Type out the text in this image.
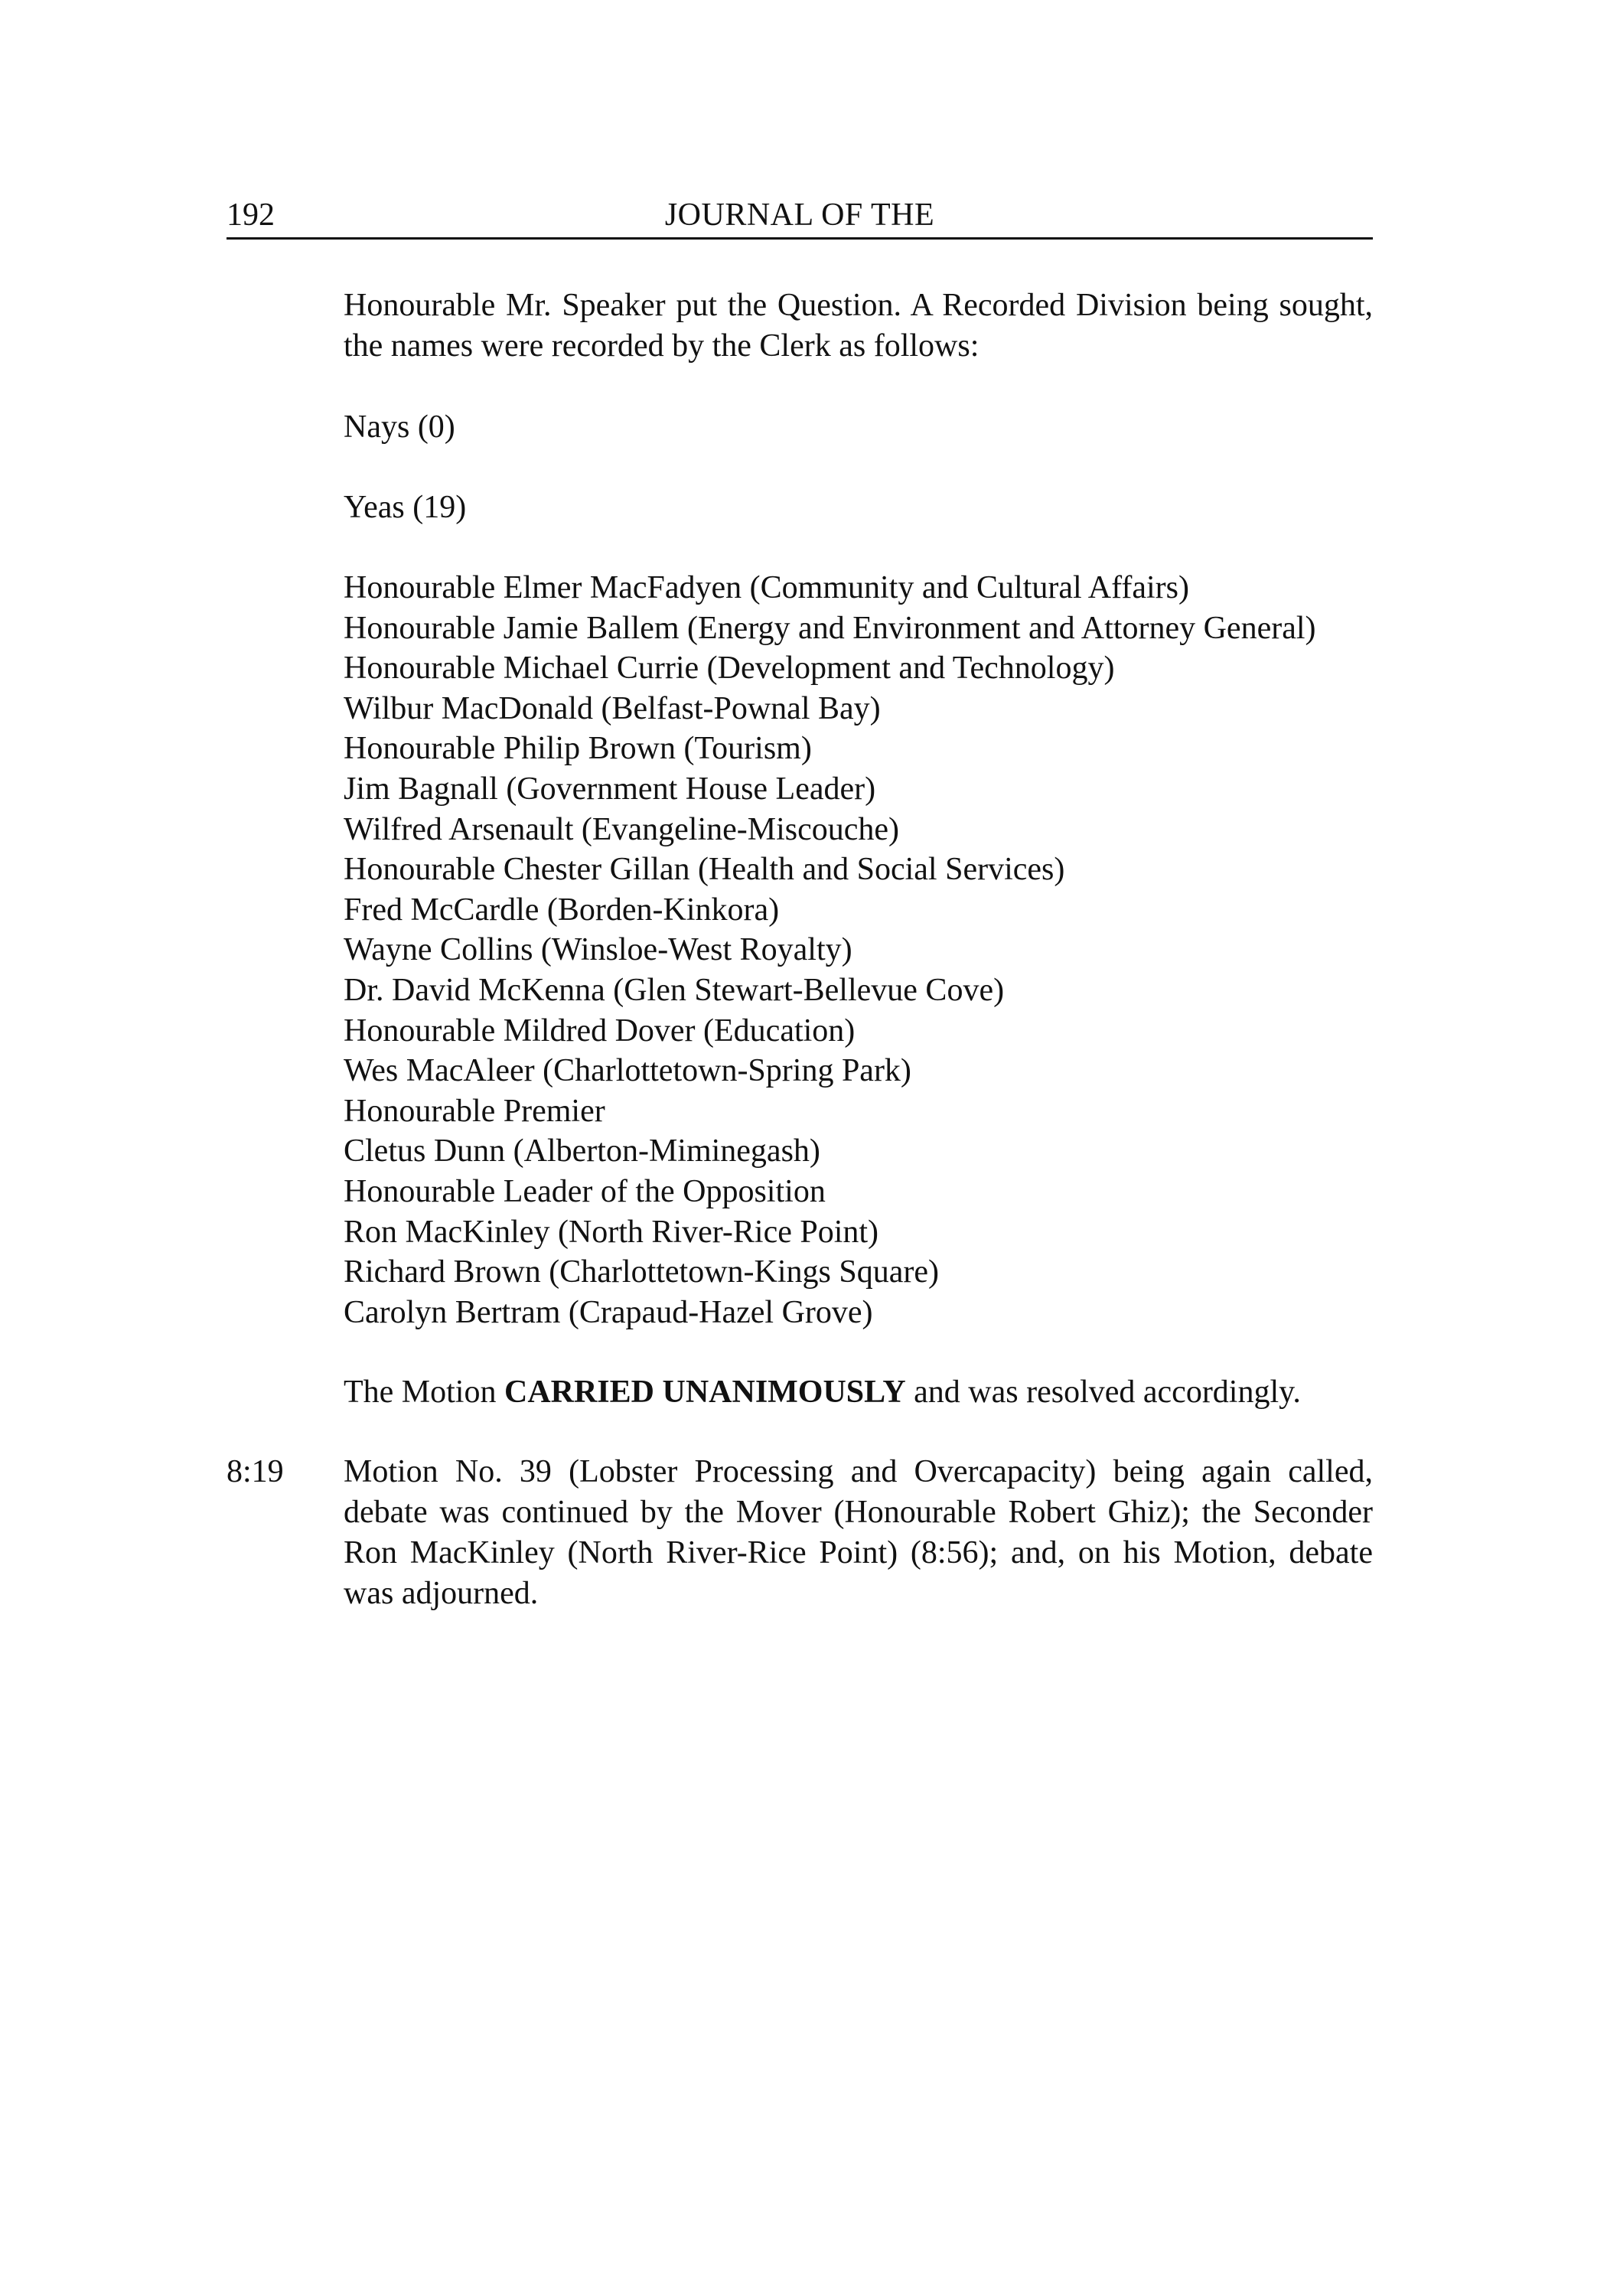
192	JOURNAL OF THE

Honourable Mr. Speaker put the Question. A Recorded Division being sought, the names were recorded by the Clerk as follows:

Nays (0)

Yeas (19)

Honourable Elmer MacFadyen (Community and Cultural Affairs)
Honourable Jamie Ballem (Energy and Environment and Attorney General)
Honourable Michael Currie (Development and Technology)
Wilbur MacDonald (Belfast-Pownal Bay)
Honourable Philip Brown (Tourism)
Jim Bagnall (Government House Leader)
Wilfred Arsenault (Evangeline-Miscouche)
Honourable Chester Gillan (Health and Social Services)
Fred McCardle (Borden-Kinkora)
Wayne Collins (Winsloe-West Royalty)
Dr. David McKenna (Glen Stewart-Bellevue Cove)
Honourable Mildred Dover (Education)
Wes MacAleer (Charlottetown-Spring Park)
Honourable Premier
Cletus Dunn (Alberton-Miminegash)
Honourable Leader of the Opposition
Ron MacKinley (North River-Rice Point)
Richard Brown (Charlottetown-Kings Square)
Carolyn Bertram (Crapaud-Hazel Grove)

The Motion CARRIED UNANIMOUSLY and was resolved accordingly.

8:19 Motion No. 39 (Lobster Processing and Overcapacity) being again called, debate was continued by the Mover (Honourable Robert Ghiz); the Seconder Ron MacKinley (North River-Rice Point) (8:56); and, on his Motion, debate was adjourned.
